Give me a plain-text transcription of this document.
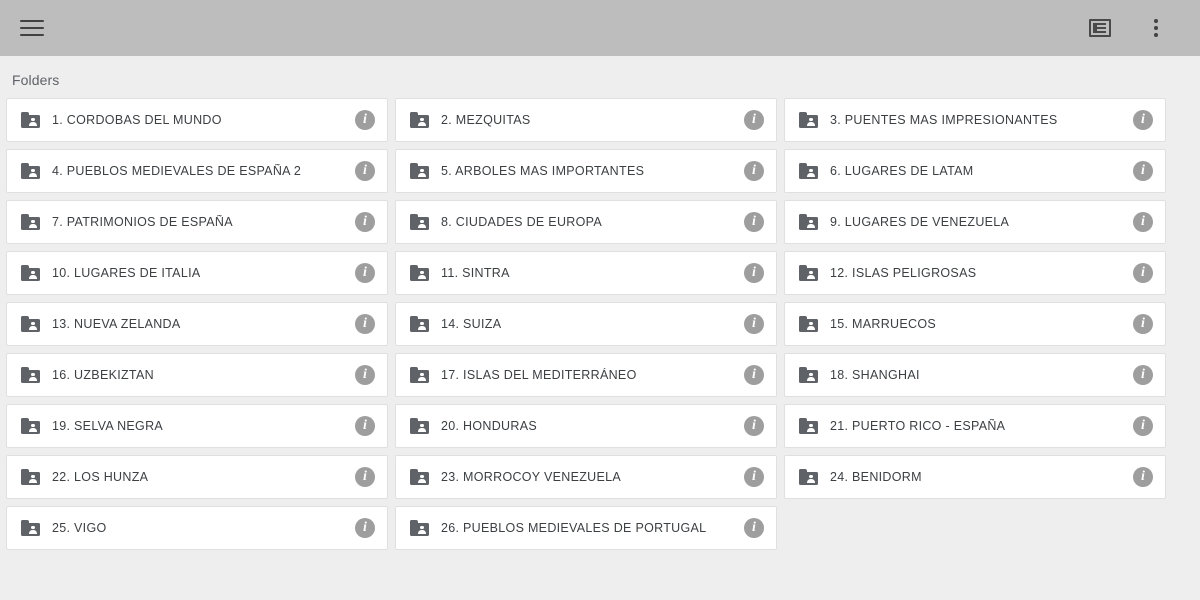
Folders
1. CORDOBAS DEL MUNDO	i	2. MEZQUITAS	i	3. PUENTES MAS IMPRESIONANTES	i
4. PUEBLOS MEDIEVALES DE ESPAÑA 2	i	5. ARBOLES MAS IMPORTANTES	i	6. LUGARES DE LATAM	i
7. PATRIMONIOS DE ESPAÑA	i	8. CIUDADES DE EUROPA	i	9. LUGARES DE VENEZUELA	i
10. LUGARES DE ITALIA	i	11. SINTRA	i	12. ISLAS PELIGROSAS	i
13. NUEVA ZELANDA	i	14. SUIZA	i	15. MARRUECOS	i
16. UZBEKIZTAN	i	17. ISLAS DEL MEDITERRÁNEO	i	18. SHANGHAI	i
19. SELVA NEGRA	i	20. HONDURAS	i	21. PUERTO RICO - ESPAÑA	i
22. LOS HUNZA	i	23. MORROCOY VENEZUELA	i	24. BENIDORM	i
25. VIGO	i	26. PUEBLOS MEDIEVALES DE PORTUGAL	i
